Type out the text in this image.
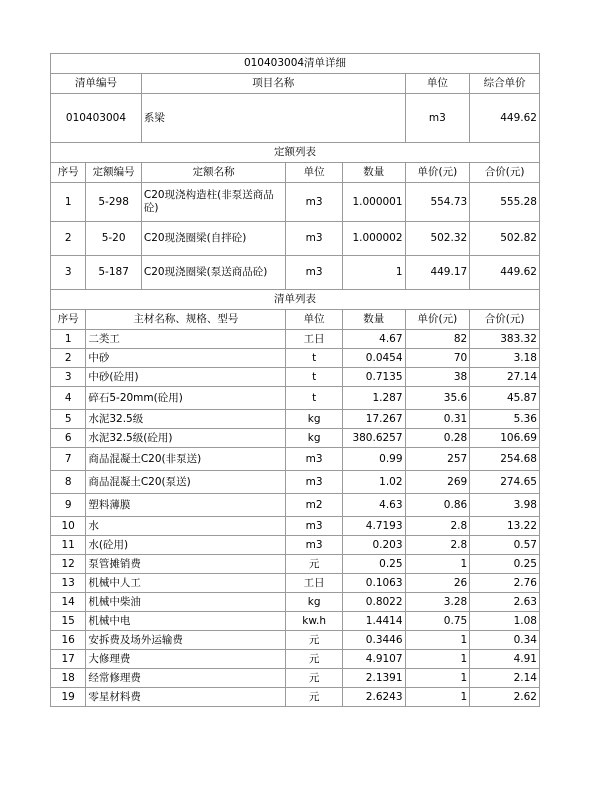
010403004清单详细						
清单编号		项目名称			单位	综合单价
010403004		系梁			m3	449.62
定额列表						
序号	定额编号	定额名称	单位	数量	单价(元)	合价(元)
1	5-298	C20现浇构造柱(非泵送商品砼)	m3	1.000001	554.73	555.28
2	5-20	C20现浇圈梁(自拌砼)	m3	1.000002	502.32	502.82
3	5-187	C20现浇圈梁(泵送商品砼)	m3	1	449.17	449.62
清单列表						
序号	主材名称、规格、型号		单位	数量	单价(元)	合价(元)
1	二类工		工日	4.67	82	383.32
2	中砂		t	0.0454	70	3.18
3	中砂(砼用)		t	0.7135	38	27.14
4	碎石5-20mm(砼用)		t	1.287	35.6	45.87
5	水泥32.5级		kg	17.267	0.31	5.36
6	水泥32.5级(砼用)		kg	380.6257	0.28	106.69
7	商品混凝土C20(非泵送)		m3	0.99	257	254.68
8	商品混凝土C20(泵送)		m3	1.02	269	274.65
9	塑料薄膜		m2	4.63	0.86	3.98
10	水		m3	4.7193	2.8	13.22
11	水(砼用)		m3	0.203	2.8	0.57
12	泵管摊销费		元	0.25	1	0.25
13	机械中人工		工日	0.1063	26	2.76
14	机械中柴油		kg	0.8022	3.28	2.63
15	机械中电		kw.h	1.4414	0.75	1.08
16	安拆费及场外运输费		元	0.3446	1	0.34
17	大修理费		元	4.9107	1	4.91
18	经常修理费		元	2.1391	1	2.14
19	零星材料费		元	2.6243	1	2.62
